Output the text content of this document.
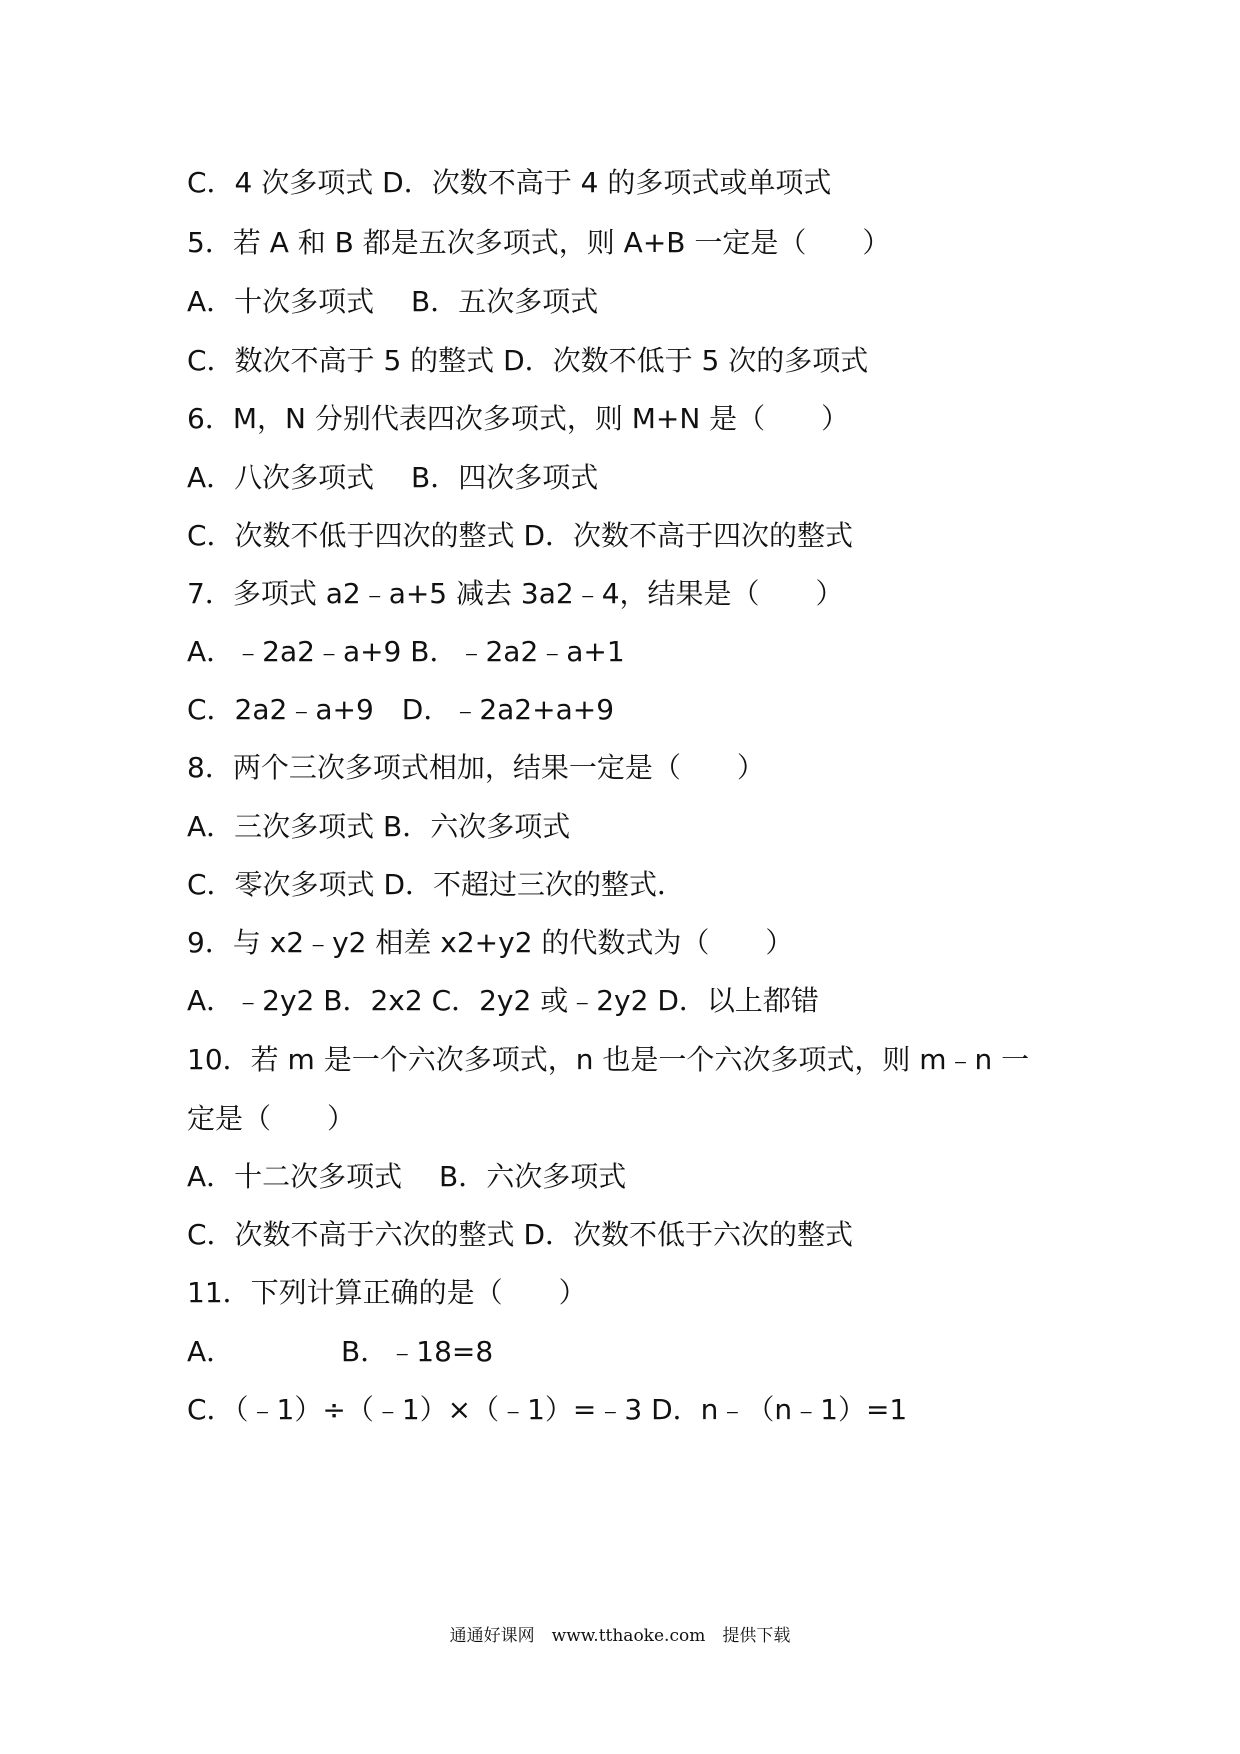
C．4 次多项式 D．次数不高于 4 的多项式或单项式
5．若 A 和 B 都是五次多项式，则 A+B 一定是（　　）
A．十次多项式　 B．五次多项式
C．数次不高于 5 的整式 D．次数不低于 5 次的多项式
6．M，N 分别代表四次多项式，则 M+N 是（　　）
A．八次多项式　 B．四次多项式
C．次数不低于四次的整式 D．次数不高于四次的整式
7．多项式 a2﹣a+5 减去 3a2﹣4，结果是（　　）
A．﹣2a2﹣a+9 B．﹣2a2﹣a+1
C．2a2﹣a+9　D．﹣2a2+a+9
8．两个三次多项式相加，结果一定是（　　）
A．三次多项式 B．六次多项式
C．零次多项式 D．不超过三次的整式．
9．与 x2﹣y2 相差 x2+y2 的代数式为（　　）
A．﹣2y2 B．2x2 C．2y2 或﹣2y2 D．以上都错
10．若 m 是一个六次多项式，n 也是一个六次多项式，则 m﹣n 一
定是（　　）
A．十二次多项式　 B．六次多项式
C．次数不高于六次的整式 D．次数不低于六次的整式
11．下列计算正确的是（　　）
A．　　　　 B．﹣18=8
C．（﹣1）÷（﹣1）×（﹣1）=﹣3 D．n﹣（n﹣1）=1
通通好课网　www.tthaoke.com　提供下载
